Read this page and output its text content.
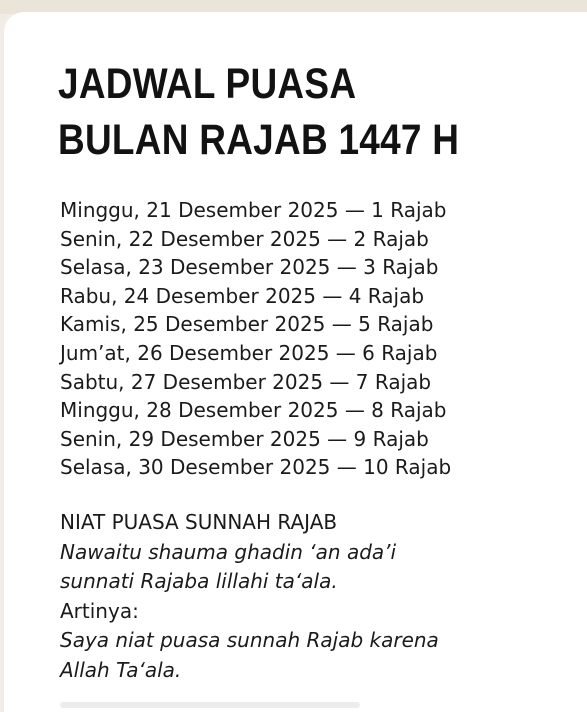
JADWAL PUASA
BULAN RAJAB 1447 H
Minggu, 21 Desember 2025 — 1 Rajab
Senin, 22 Desember 2025 — 2 Rajab
Selasa, 23 Desember 2025 — 3 Rajab
Rabu, 24 Desember 2025 — 4 Rajab
Kamis, 25 Desember 2025 — 5 Rajab
Jum’at, 26 Desember 2025 — 6 Rajab
Sabtu, 27 Desember 2025 — 7 Rajab
Minggu, 28 Desember 2025 — 8 Rajab
Senin, 29 Desember 2025 — 9 Rajab
Selasa, 30 Desember 2025 — 10 Rajab
NIAT PUASA SUNNAH RAJAB
Nawaitu shauma ghadin ‘an ada’i
sunnati Rajaba lillahi ta‘ala.
Artinya:
Saya niat puasa sunnah Rajab karena
Allah Ta‘ala.
